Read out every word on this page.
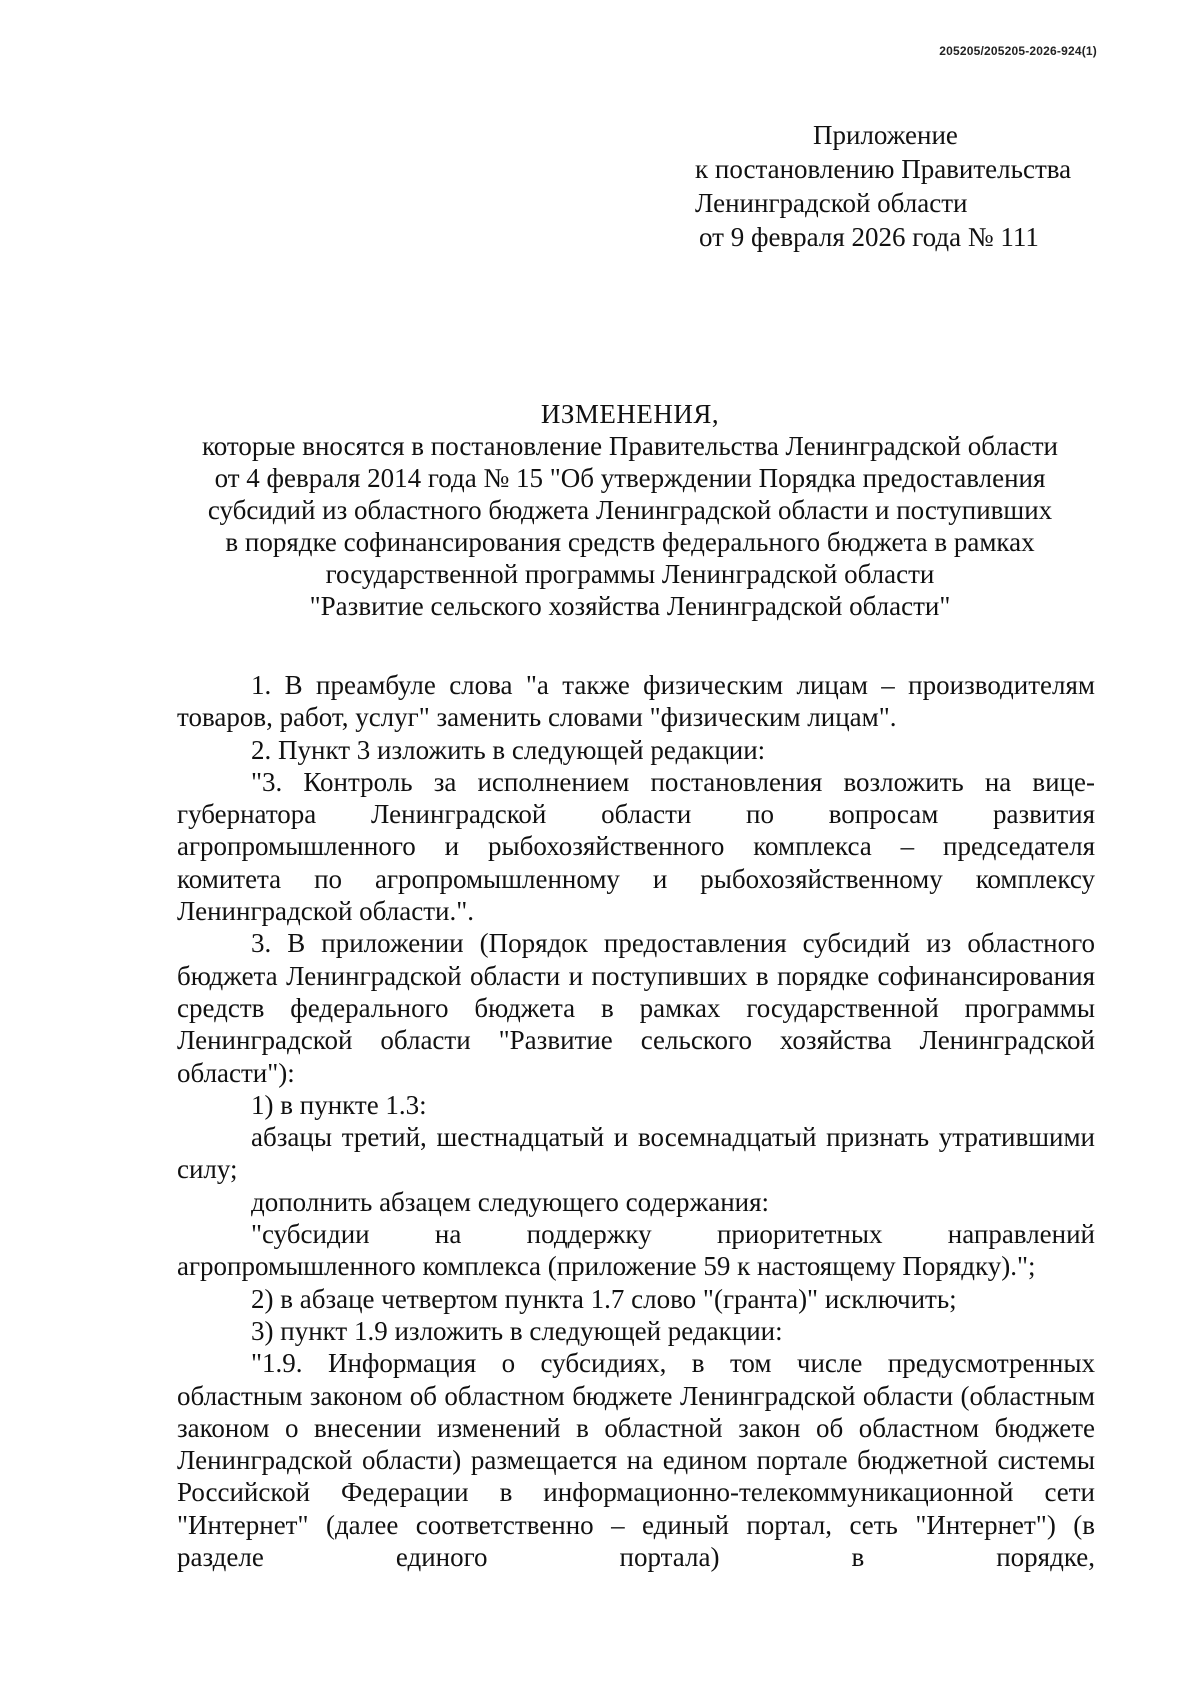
205205/205205-2026-924(1)
Приложение
к постановлению Правительства
Ленинградской области
от 9 февраля 2026 года № 111
ИЗМЕНЕНИЯ,
которые вносятся в постановление Правительства Ленинградской области
от 4 февраля 2014 года № 15 "Об утверждении Порядка предоставления
субсидий из областного бюджета Ленинградской области и поступивших
в порядке софинансирования средств федерального бюджета в рамках
государственной программы Ленинградской области
"Развитие сельского хозяйства Ленинградской области"

1. В преамбуле слова "а также физическим лицам – производителям товаров, работ, услуг" заменить словами "физическим лицам".

2. Пункт 3 изложить в следующей редакции:

"3. Контроль за исполнением постановления возложить на вице-губернатора Ленинградской области по вопросам развития агропромышленного и рыбохозяйственного комплекса – председателя комитета по агропромышленному и рыбохозяйственному комплексу Ленинградской области.".

3. В приложении (Порядок предоставления субсидий из областного бюджета Ленинградской области и поступивших в порядке софинансирования средств федерального бюджета в рамках государственной программы Ленинградской области "Развитие сельского хозяйства Ленинградской области"):

1) в пункте 1.3:

абзацы третий, шестнадцатый и восемнадцатый признать утратившими силу;

дополнить абзацем следующего содержания:

"субсидии на поддержку приоритетных направлений агропромышленного комплекса (приложение 59 к настоящему Порядку).";

2) в абзаце четвертом пункта 1.7 слово "(гранта)" исключить;

3) пункт 1.9 изложить в следующей редакции:

"1.9. Информация о субсидиях, в том числе предусмотренных областным законом об областном бюджете Ленинградской области (областным законом о внесении изменений в областной закон об областном бюджете Ленинградской области) размещается на едином портале бюджетной системы Российской Федерации в информационно-телекоммуникационной сети "Интернет" (далее соответственно – единый портал, сеть "Интернет") (в разделе единого портала) в порядке,
